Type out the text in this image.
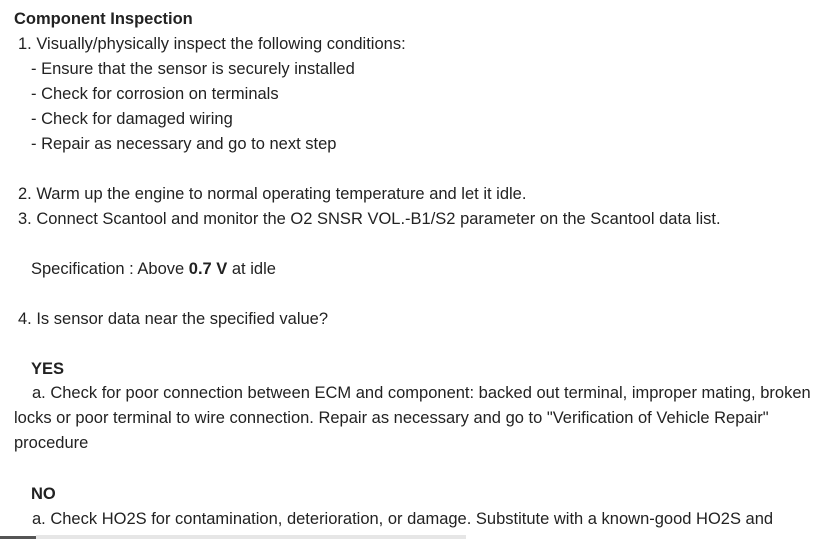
Component Inspection
1. Visually/physically inspect the following conditions:
- Ensure that the sensor is securely installed
- Check for corrosion on terminals
- Check for damaged wiring
- Repair as necessary and go to next step
2. Warm up the engine to normal operating temperature and let it idle.
3. Connect Scantool and monitor the O2 SNSR VOL.-B1/S2 parameter on the Scantool data list.
Specification : Above 0.7 V at idle
4. Is sensor data near the specified value?
YES
a. Check for poor connection between ECM and component: backed out terminal, improper mating, broken locks or poor terminal to wire connection. Repair as necessary and go to "Verification of Vehicle Repair" procedure
NO
a. Check HO2S for contamination, deterioration, or damage. Substitute with a known-good HO2S and
